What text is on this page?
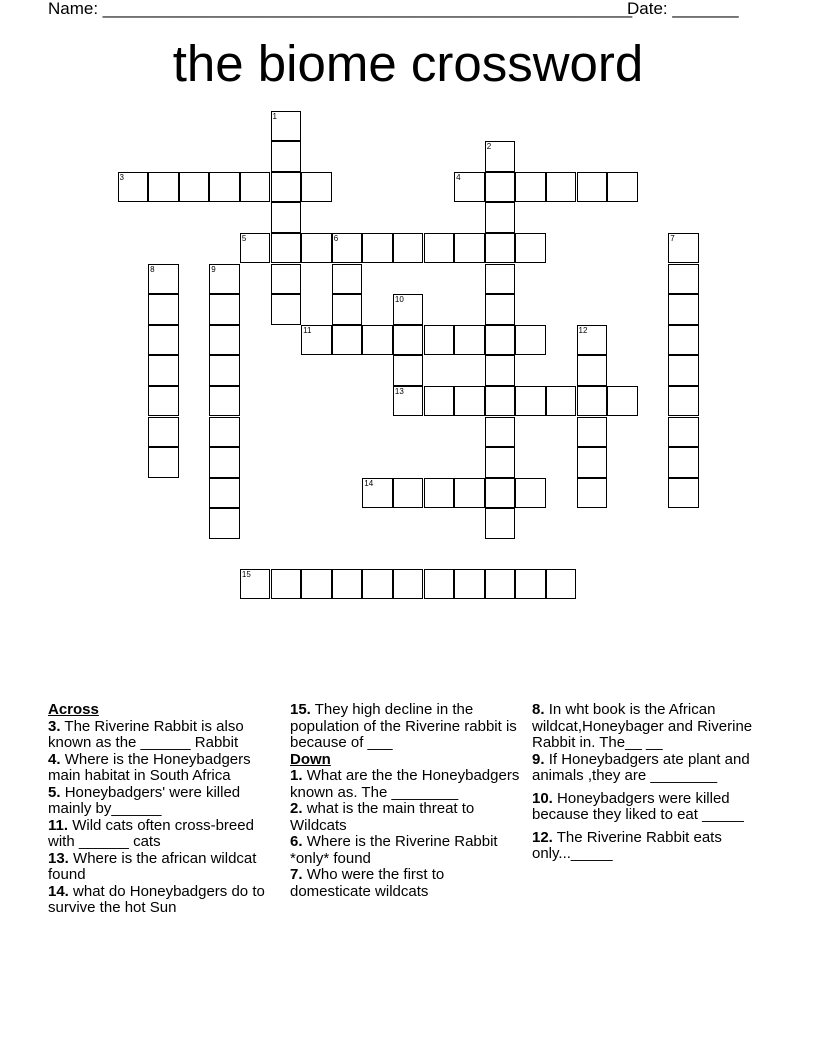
Name: ________________________________________________________
Date: _______
the biome crossword
1
2
3	4
5	6	7
8	9
10
11	12
13
14
15
Across
3. The Riverine Rabbit is also known as the ______ Rabbit
4. Where is the Honeybadgers main habitat in South Africa
5. Honeybadgers' were killed mainly by______
11. Wild cats often cross-breed with ______ cats
13. Where is the african wildcat found
14. what do Honeybadgers do to survive the hot Sun
15. They high decline in the population of the Riverine rabbit is because of ___
Down
1. What are the the Honeybadgers known as. The ________
2. what is the main threat to Wildcats
6. Where is the Riverine Rabbit *only* found
7. Who were the first to domesticate wildcats
8. In wht book is the African wildcat,Honeybager and Riverine Rabbit in. The__ __
9. If Honeybadgers ate plant and animals ,they are ________
10. Honeybadgers were killed because they liked to eat _____
12. The Riverine Rabbit eats only..._____
